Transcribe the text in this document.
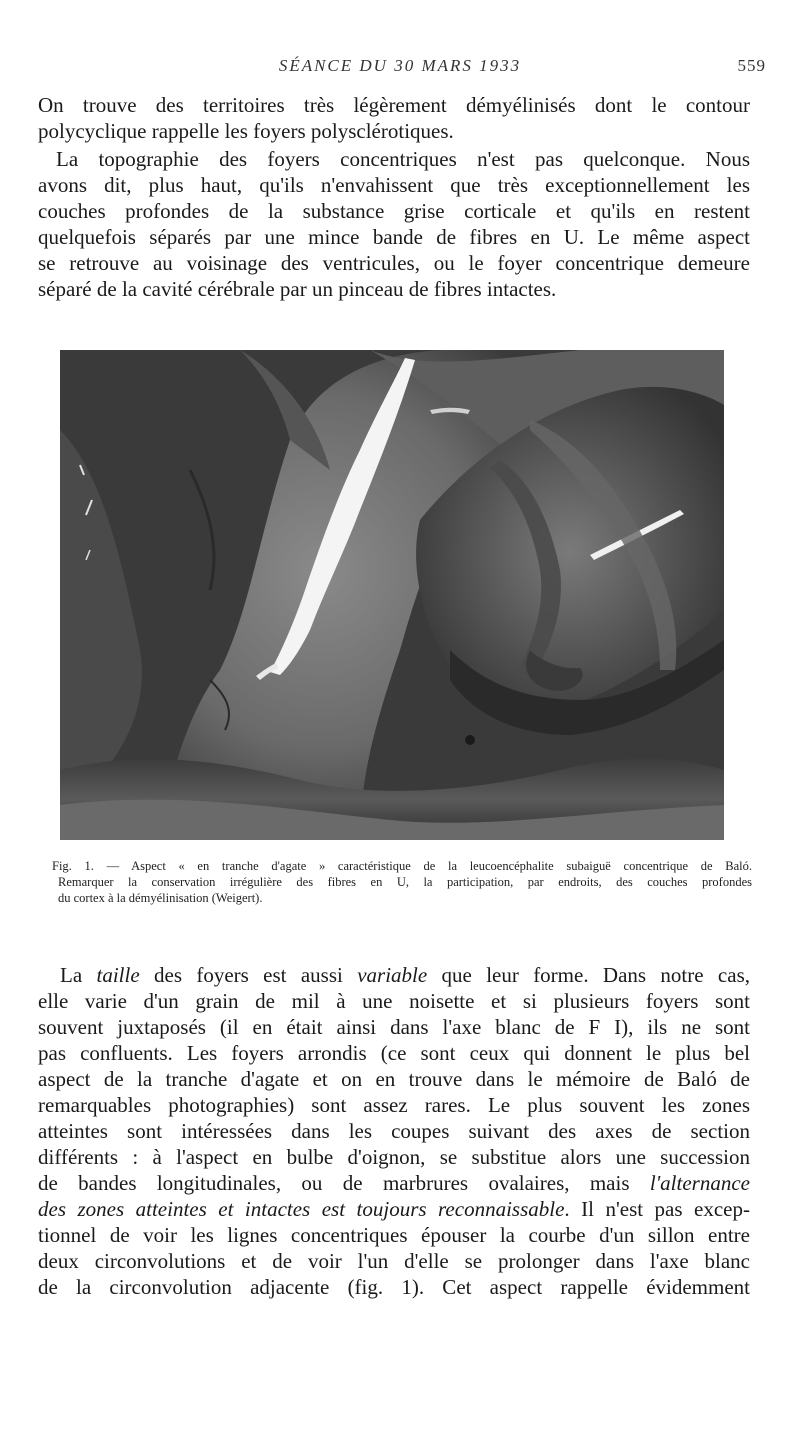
SÉANCE DU 30 MARS 1933	559
On trouve des territoires très légèrement démyélinisés dont le contour
polycyclique rappelle les foyers polysclérotiques.
La topographie des foyers concentriques n'est pas quelconque. Nous
avons dit, plus haut, qu'ils n'envahissent que très exceptionnellement les
couches profondes de la substance grise corticale et qu'ils en restent
quelquefois séparés par une mince bande de fibres en U. Le même aspect
se retrouve au voisinage des ventricules, ou le foyer concentrique demeure
séparé de la cavité cérébrale par un pinceau de fibres intactes.
Fig. 1. — Aspect « en tranche d'agate » caractéristique de la leucoencéphalite subaiguë concentrique de Baló.
Remarquer la conservation irrégulière des fibres en U, la participation, par endroits, des couches profondes
du cortex à la démyélinisation (Weigert).
La taille des foyers est aussi variable que leur forme. Dans notre cas,
elle varie d'un grain de mil à une noisette et si plusieurs foyers sont
souvent juxtaposés (il en était ainsi dans l'axe blanc de F I), ils ne sont
pas confluents. Les foyers arrondis (ce sont ceux qui donnent le plus bel
aspect de la tranche d'agate et on en trouve dans le mémoire de Baló de
remarquables photographies) sont assez rares. Le plus souvent les zones
atteintes sont intéressées dans les coupes suivant des axes de section
différents : à l'aspect en bulbe d'oignon, se substitue alors une succession
de bandes longitudinales, ou de marbrures ovalaires, mais l'alternance
des zones atteintes et intactes est toujours reconnaissable. Il n'est pas excep-
tionnel de voir les lignes concentriques épouser la courbe d'un sillon entre
deux circonvolutions et de voir l'un d'elle se prolonger dans l'axe blanc
de la circonvolution adjacente (fig. 1). Cet aspect rappelle évidemment
